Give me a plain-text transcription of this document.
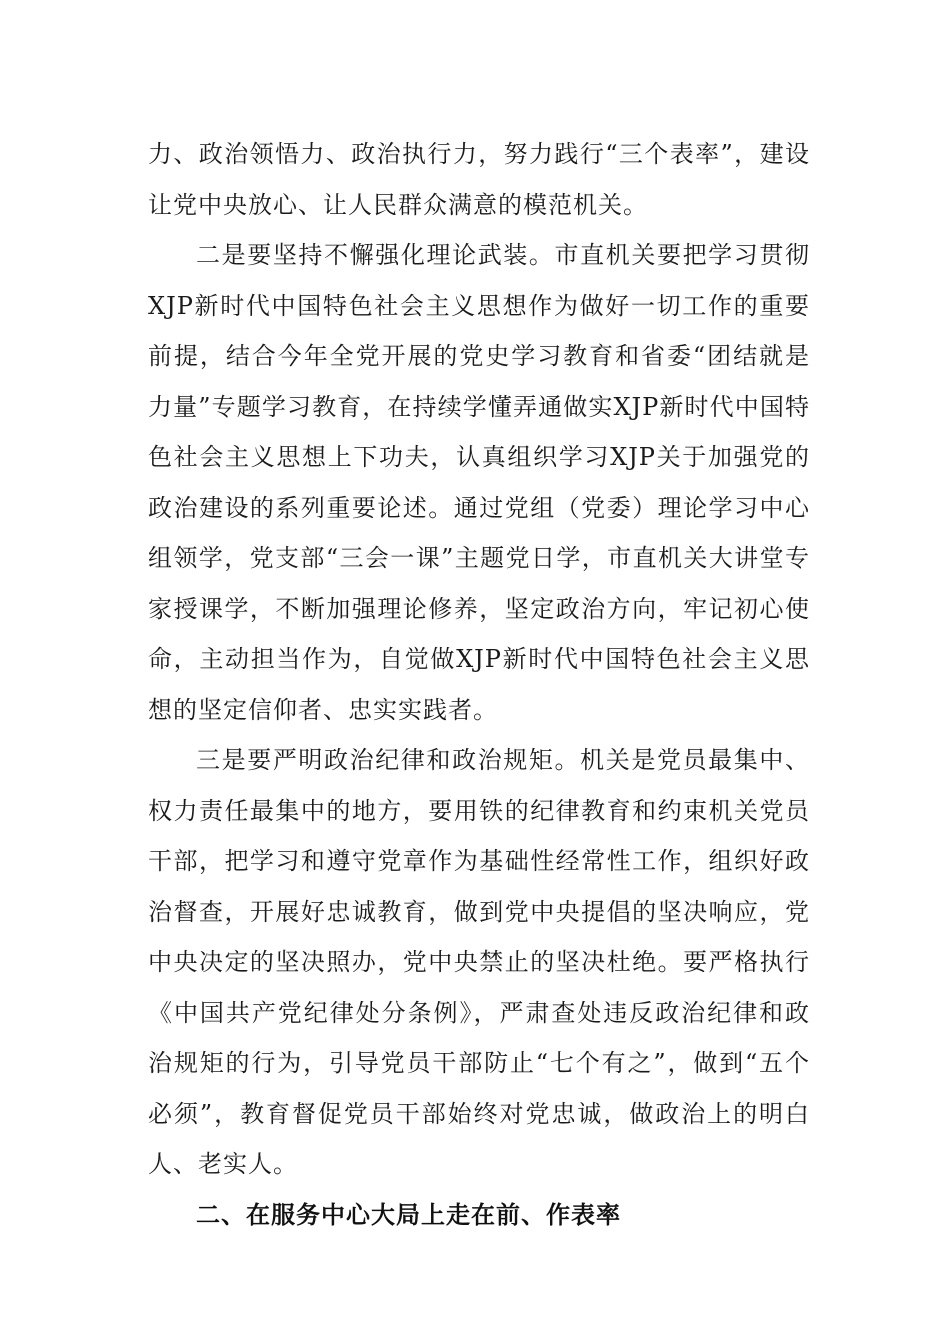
力、政治领悟力、政治执行力，努力践行“三个表率”，建设让党中央放心、让人民群众满意的模范机关。

二是要坚持不懈强化理论武装。市直机关要把学习贯彻XJP新时代中国特色社会主义思想作为做好一切工作的重要前提，结合今年全党开展的党史学习教育和省委“团结就是力量”专题学习教育，在持续学懂弄通做实XJP新时代中国特色社会主义思想上下功夫，认真组织学习XJP关于加强党的政治建设的系列重要论述。通过党组（党委）理论学习中心组领学，党支部“三会一课”主题党日学，市直机关大讲堂专家授课学，不断加强理论修养，坚定政治方向，牢记初心使命，主动担当作为，自觉做XJP新时代中国特色社会主义思想的坚定信仰者、忠实实践者。

三是要严明政治纪律和政治规矩。机关是党员最集中、权力责任最集中的地方，要用铁的纪律教育和约束机关党员干部，把学习和遵守党章作为基础性经常性工作，组织好政治督查，开展好忠诚教育，做到党中央提倡的坚决响应，党中央决定的坚决照办，党中央禁止的坚决杜绝。要严格执行《中国共产党纪律处分条例》，严肃查处违反政治纪律和政治规矩的行为，引导党员干部防止“七个有之”，做到“五个必须”，教育督促党员干部始终对党忠诚，做政治上的明白人、老实人。

二、在服务中心大局上走在前、作表率
